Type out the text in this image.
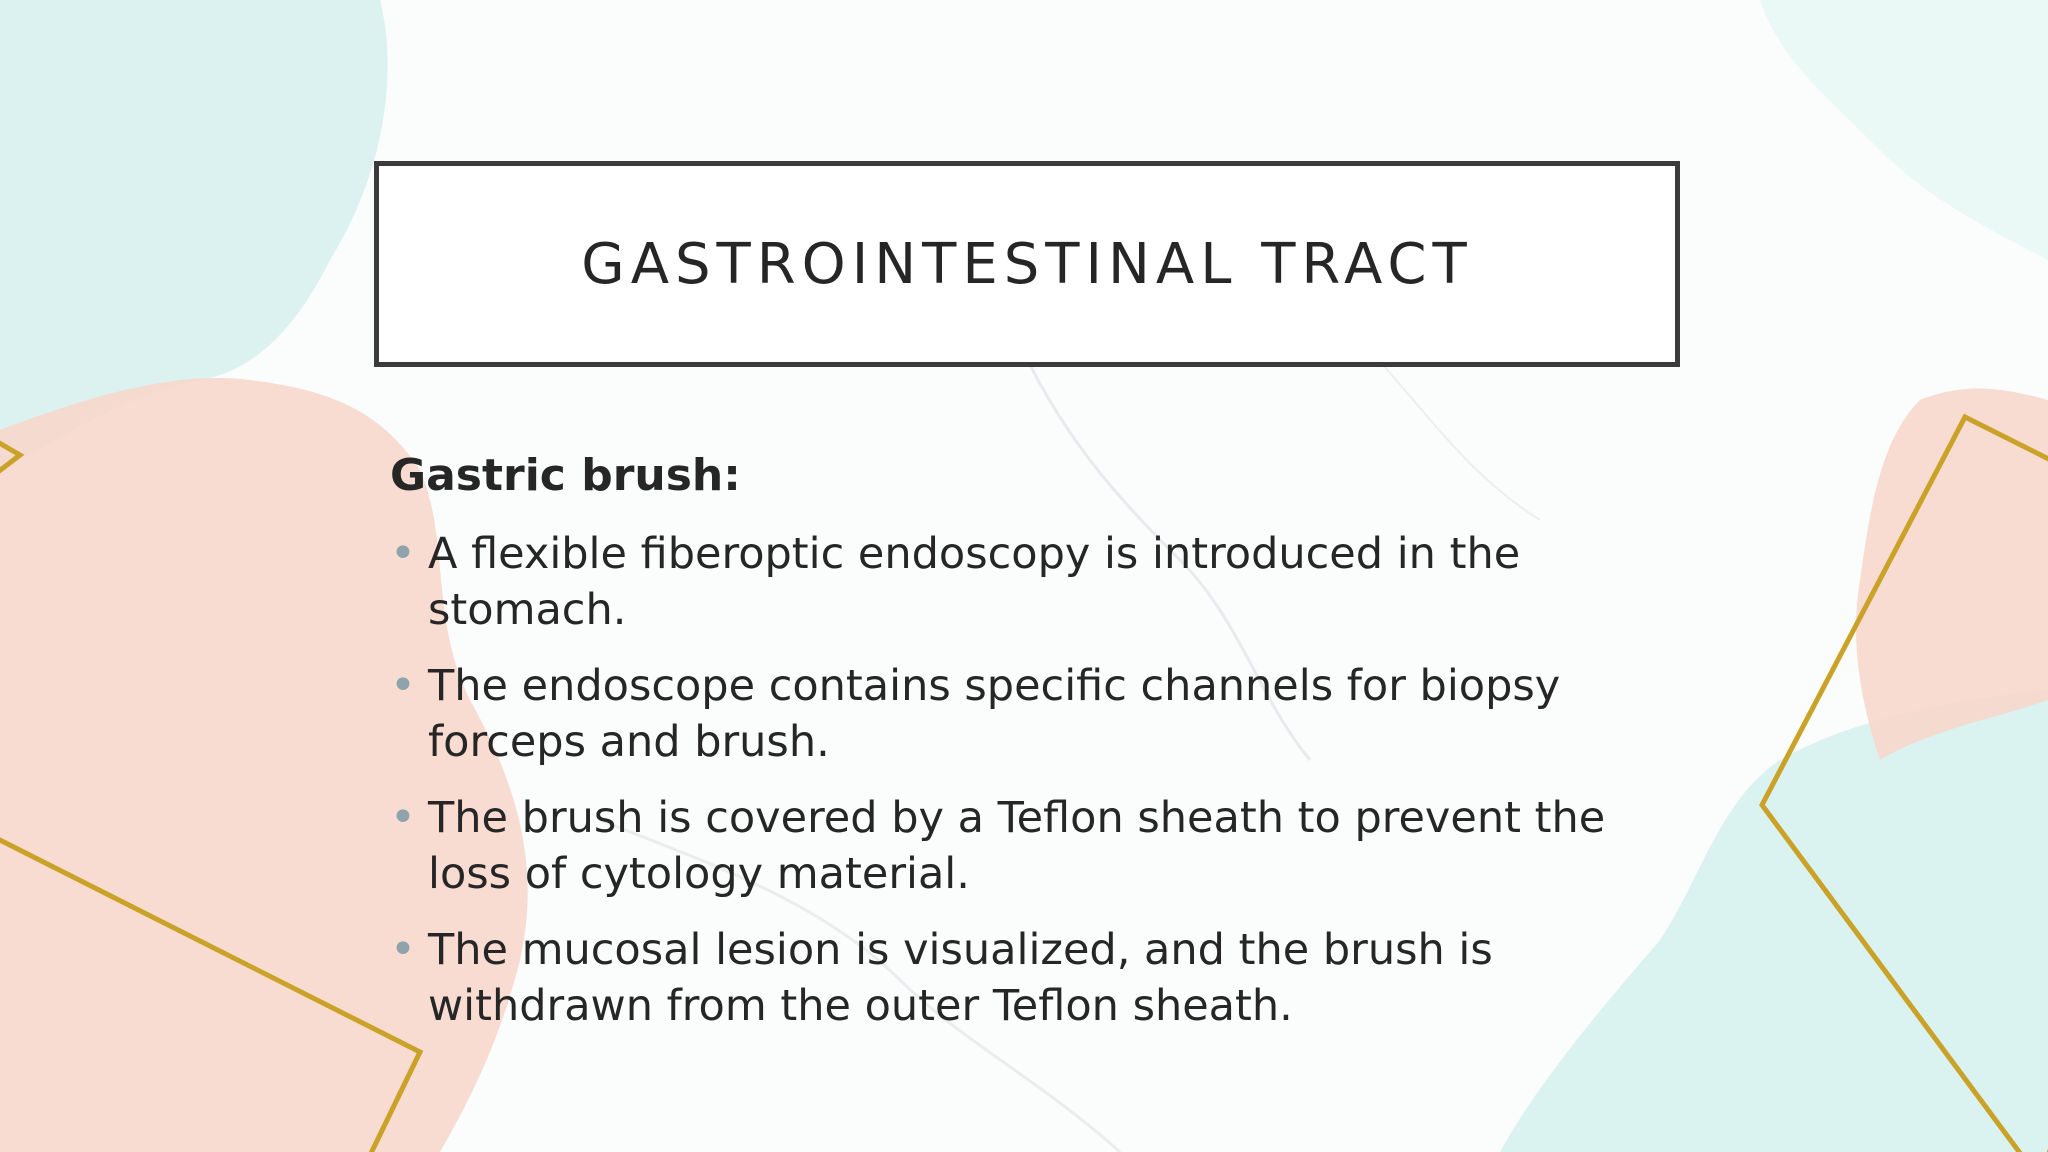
GASTROINTESTINAL TRACT

Gastric brush:

• A flexible fiberoptic endoscopy is introduced in the stomach.
• The endoscope contains specific channels for biopsy forceps and brush.
• The brush is covered by a Teflon sheath to prevent the loss of cytology material.
• The mucosal lesion is visualized, and the brush is withdrawn from the outer Teflon sheath.
